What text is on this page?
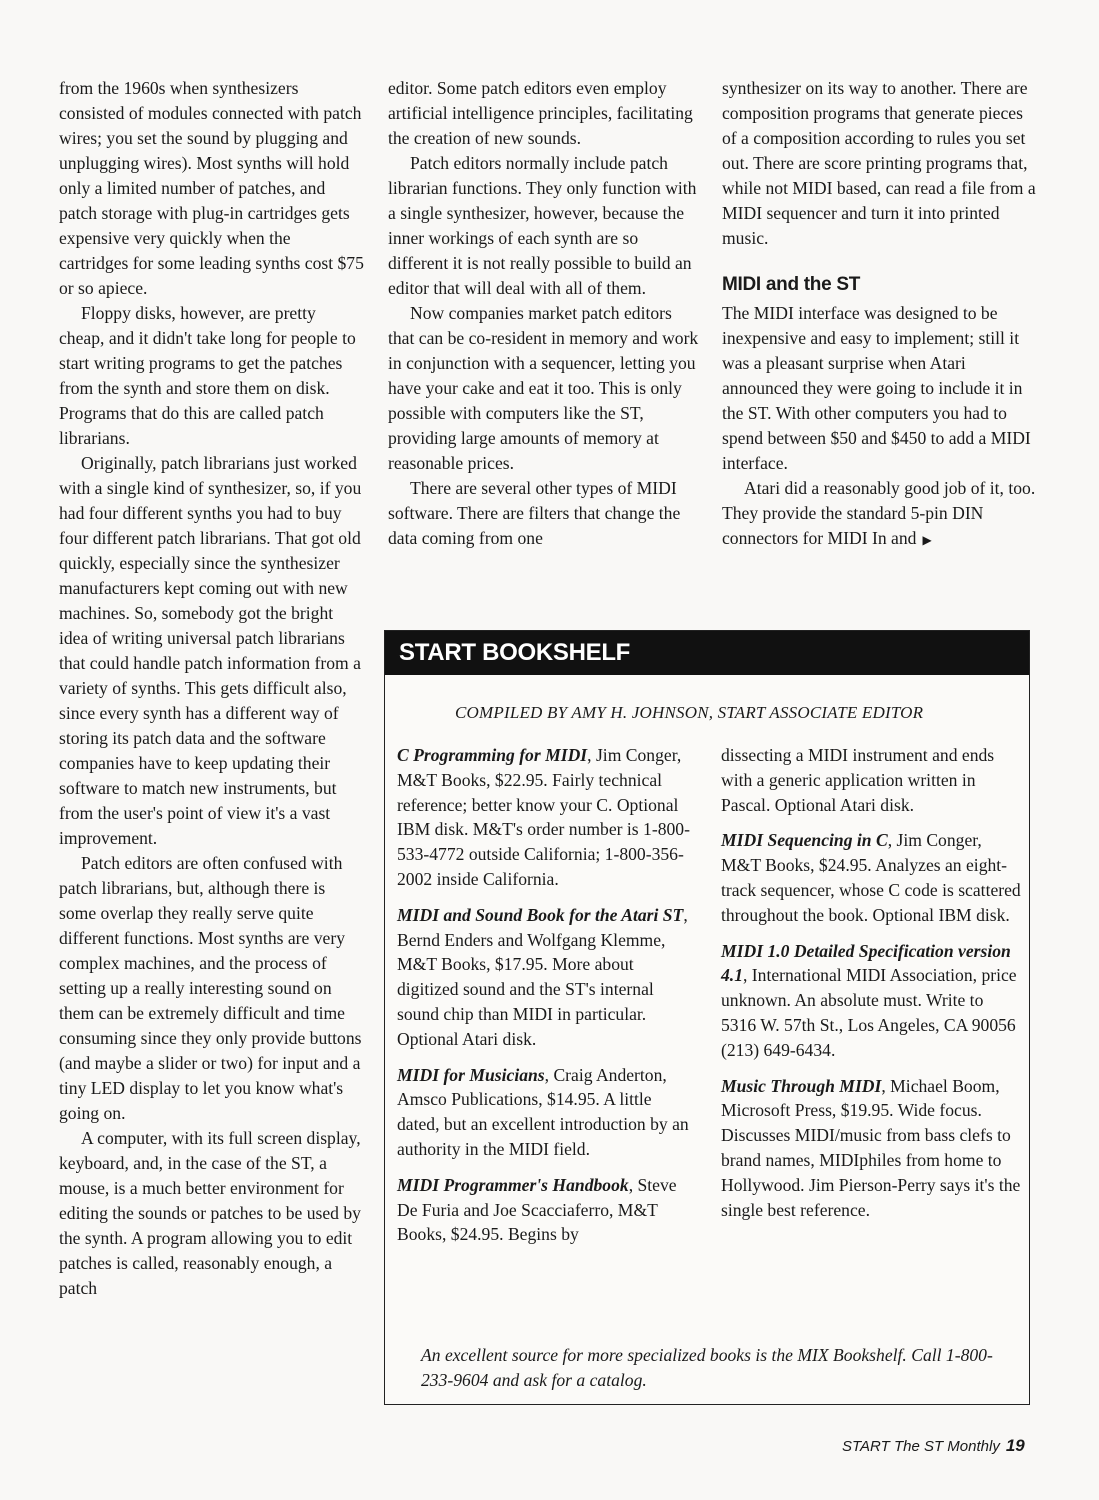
from the 1960s when synthesizers consisted of modules connected with patch wires; you set the sound by plugging and unplugging wires). Most synths will hold only a limited number of patches, and patch storage with plug-in cartridges gets expensive very quickly when the cartridges for some leading synths cost $75 or so apiece.

Floppy disks, however, are pretty cheap, and it didn't take long for people to start writing programs to get the patches from the synth and store them on disk. Programs that do this are called patch librarians.

Originally, patch librarians just worked with a single kind of synthesizer, so, if you had four different synths you had to buy four different patch librarians. That got old quickly, especially since the synthesizer manufacturers kept coming out with new machines. So, somebody got the bright idea of writing universal patch librarians that could handle patch information from a variety of synths. This gets difficult also, since every synth has a different way of storing its patch data and the software companies have to keep updating their software to match new instruments, but from the user's point of view it's a vast improvement.

Patch editors are often confused with patch librarians, but, although there is some overlap they really serve quite different functions. Most synths are very complex machines, and the process of setting up a really interesting sound on them can be extremely difficult and time consuming since they only provide buttons (and maybe a slider or two) for input and a tiny LED display to let you know what's going on.

A computer, with its full screen display, keyboard, and, in the case of the ST, a mouse, is a much better environment for editing the sounds or patches to be used by the synth. A program allowing you to edit patches is called, reasonably enough, a patch

editor. Some patch editors even employ artificial intelligence principles, facilitating the creation of new sounds.

Patch editors normally include patch librarian functions. They only function with a single synthesizer, however, because the inner workings of each synth are so different it is not really possible to build an editor that will deal with all of them.

Now companies market patch editors that can be co-resident in memory and work in conjunction with a sequencer, letting you have your cake and eat it too. This is only possible with computers like the ST, providing large amounts of memory at reasonable prices.

There are several other types of MIDI software. There are filters that change the data coming from one

synthesizer on its way to another. There are composition programs that generate pieces of a composition according to rules you set out. There are score printing programs that, while not MIDI based, can read a file from a MIDI sequencer and turn it into printed music.

MIDI and the ST

The MIDI interface was designed to be inexpensive and easy to implement; still it was a pleasant surprise when Atari announced they were going to include it in the ST. With other computers you had to spend between $50 and $450 to add a MIDI interface.

Atari did a reasonably good job of it, too. They provide the standard 5-pin DIN connectors for MIDI In and ▶

START BOOKSHELF
COMPILED BY AMY H. JOHNSON, START ASSOCIATE EDITOR
C Programming for MIDI, Jim Conger, M&T Books, $22.95. Fairly technical reference; better know your C. Optional IBM disk. M&T's order number is 1-800-533-4772 outside California; 1-800-356-2002 inside California.
MIDI and Sound Book for the Atari ST, Bernd Enders and Wolfgang Klemme, M&T Books, $17.95. More about digitized sound and the ST's internal sound chip than MIDI in particular. Optional Atari disk.
MIDI for Musicians, Craig Anderton, Amsco Publications, $14.95. A little dated, but an excellent introduction by an authority in the MIDI field.
MIDI Programmer's Handbook, Steve De Furia and Joe Scacciaferro, M&T Books, $24.95. Begins by
dissecting a MIDI instrument and ends with a generic application written in Pascal. Optional Atari disk.
MIDI Sequencing in C, Jim Conger, M&T Books, $24.95. Analyzes an eight-track sequencer, whose C code is scattered throughout the book. Optional IBM disk.
MIDI 1.0 Detailed Specification version 4.1, International MIDI Association, price unknown. An absolute must. Write to 5316 W. 57th St., Los Angeles, CA 90056 (213) 649-6434.
Music Through MIDI, Michael Boom, Microsoft Press, $19.95. Wide focus. Discusses MIDI/music from bass clefs to brand names, MIDIphiles from home to Hollywood. Jim Pierson-Perry says it's the single best reference.
An excellent source for more specialized books is the MIX Bookshelf. Call 1-800-233-9604 and ask for a catalog.
START The ST Monthly 19
